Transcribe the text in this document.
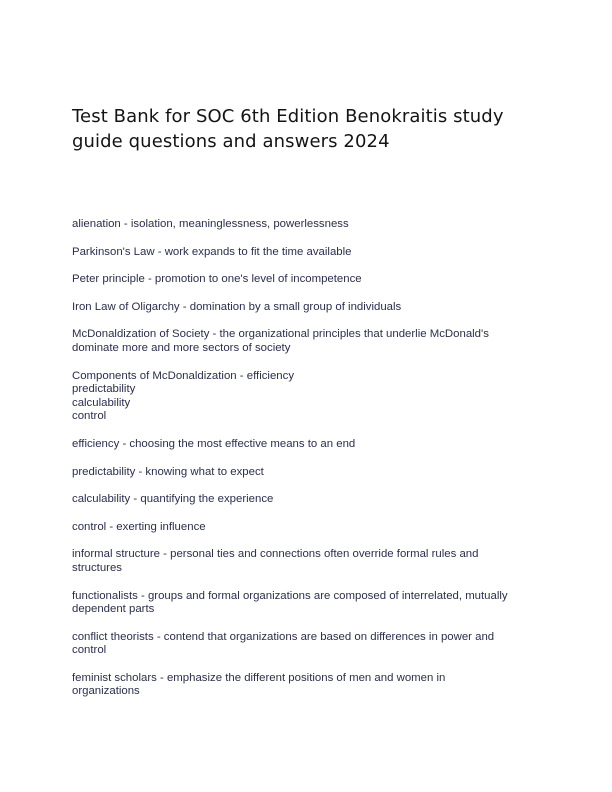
Test Bank for SOC 6th Edition Benokraitis study
guide questions and answers 2024

alienation - isolation, meaninglessness, powerlessness

Parkinson's Law - work expands to fit the time available

Peter principle - promotion to one's level of incompetence

Iron Law of Oligarchy - domination by a small group of individuals

McDonaldization of Society - the organizational principles that underlie McDonald's
dominate more and more sectors of society

Components of McDonaldization - efficiency
predictability
calculability
control

efficiency - choosing the most effective means to an end

predictability - knowing what to expect

calculability - quantifying the experience

control - exerting influence

informal structure - personal ties and connections often override formal rules and
structures

functionalists - groups and formal organizations are composed of interrelated, mutually
dependent parts

conflict theorists - contend that organizations are based on differences in power and
control

feminist scholars - emphasize the different positions of men and women in
organizations
